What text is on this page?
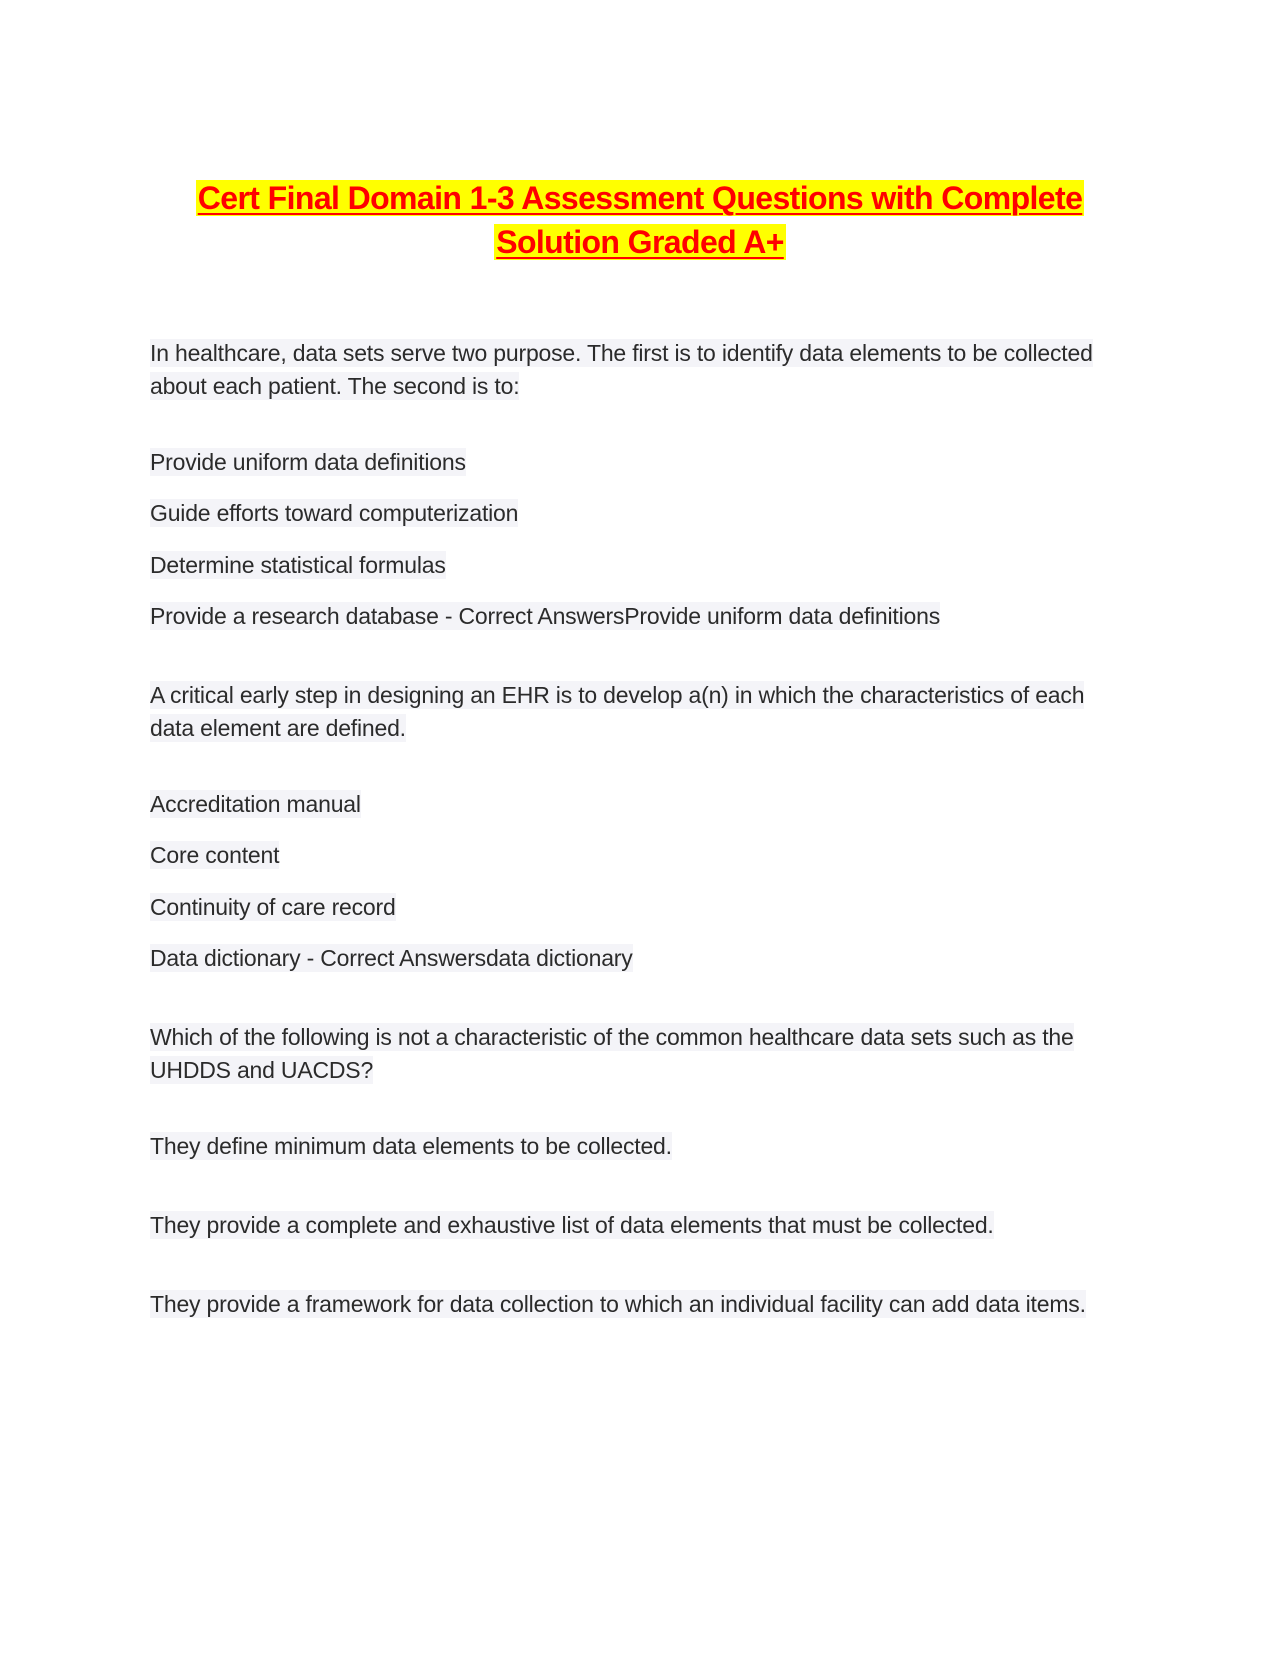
Cert Final Domain 1-3 Assessment Questions with Complete
Solution Graded A+
In healthcare, data sets serve two purpose. The first is to identify data elements to be collected about each patient. The second is to:
Provide uniform data definitions
Guide efforts toward computerization
Determine statistical formulas
Provide a research database - Correct AnswersProvide uniform data definitions
A critical early step in designing an EHR is to develop a(n) in which the characteristics of each data element are defined.
Accreditation manual
Core content
Continuity of care record
Data dictionary - Correct Answersdata dictionary
Which of the following is not a characteristic of the common healthcare data sets such as the UHDDS and UACDS?
They define minimum data elements to be collected.
They provide a complete and exhaustive list of data elements that must be collected.
They provide a framework for data collection to which an individual facility can add data items.
